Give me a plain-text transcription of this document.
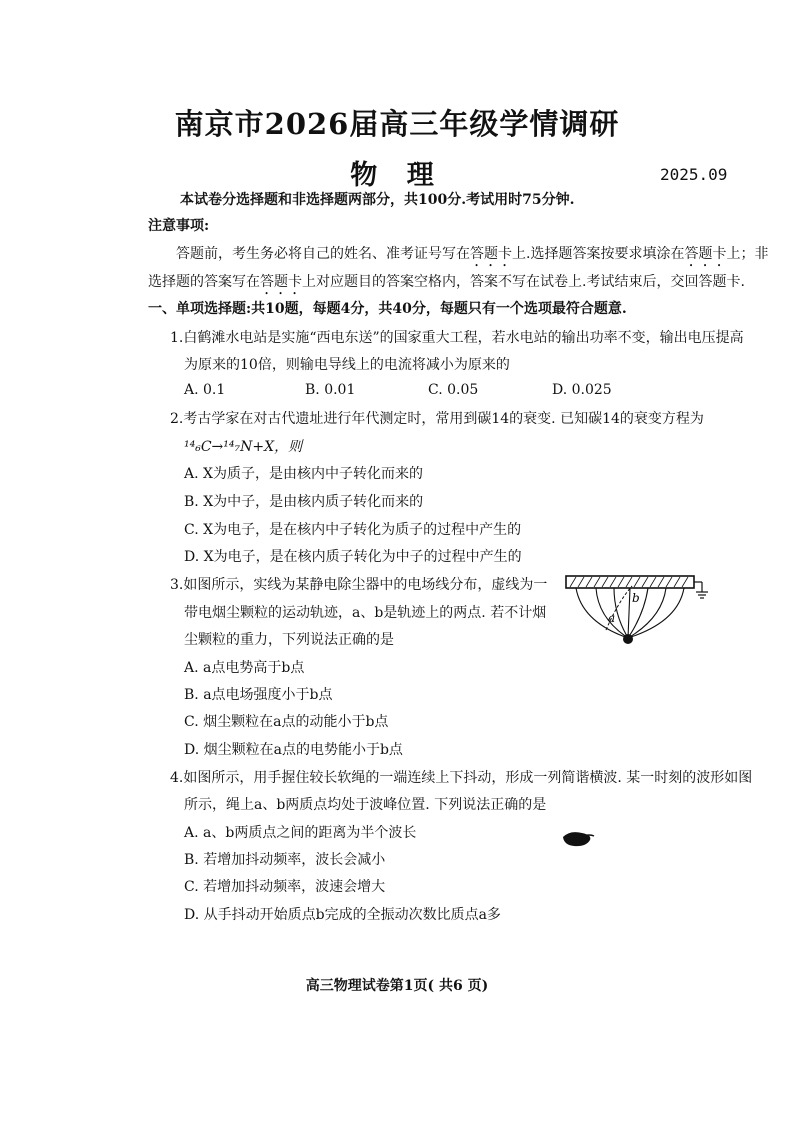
南京市2026届高三年级学情调研
物 理	2025.09
本试卷分选择题和非选择题两部分，共100分.考试用时75分钟.
注意事项:
答题前，考生务必将自己的姓名、准考证号写在答题卡上.选择题答案按要求填涂在答题卡上；非
选择题的答案写在答题卡上对应题目的答案空格内，答案不写在试卷上.考试结束后，交回答题卡.
一、单项选择题:共10题，每题4分，共40分，每题只有一个选项最符合题意.
1.白鹤滩水电站是实施“西电东送”的国家重大工程，若水电站的输出功率不变，输出电压提高
为原来的10倍，则输电导线上的电流将减小为原来的
A. 0.1	B. 0.01	C. 0.05	D. 0.025
2.考古学家在对古代遗址进行年代测定时，常用到碳14的衰变. 已知碳14的衰变方程为
¹⁴₆C→¹⁴₇N+X，则
A. X为质子，是由核内中子转化而来的
B. X为中子，是由核内质子转化而来的
C. X为电子，是在核内中子转化为质子的过程中产生的
D. X为电子，是在核内质子转化为中子的过程中产生的
3.如图所示，实线为某静电除尘器中的电场线分布，虚线为一
带电烟尘颗粒的运动轨迹，a、b是轨迹上的两点. 若不计烟
尘颗粒的重力，下列说法正确的是
A. a点电势高于b点
B. a点电场强度小于b点
C. 烟尘颗粒在a点的动能小于b点
D. 烟尘颗粒在a点的电势能小于b点
a
b
4.如图所示，用手握住较长软绳的一端连续上下抖动，形成一列简谐横波. 某一时刻的波形如图
所示，绳上a、b两质点均处于波峰位置. 下列说法正确的是
A. a、b两质点之间的距离为半个波长
B. 若增加抖动频率，波长会减小
C. 若增加抖动频率，波速会增大
D. 从手抖动开始质点b完成的全振动次数比质点a多
高三物理试卷第1页( 共6 页)
